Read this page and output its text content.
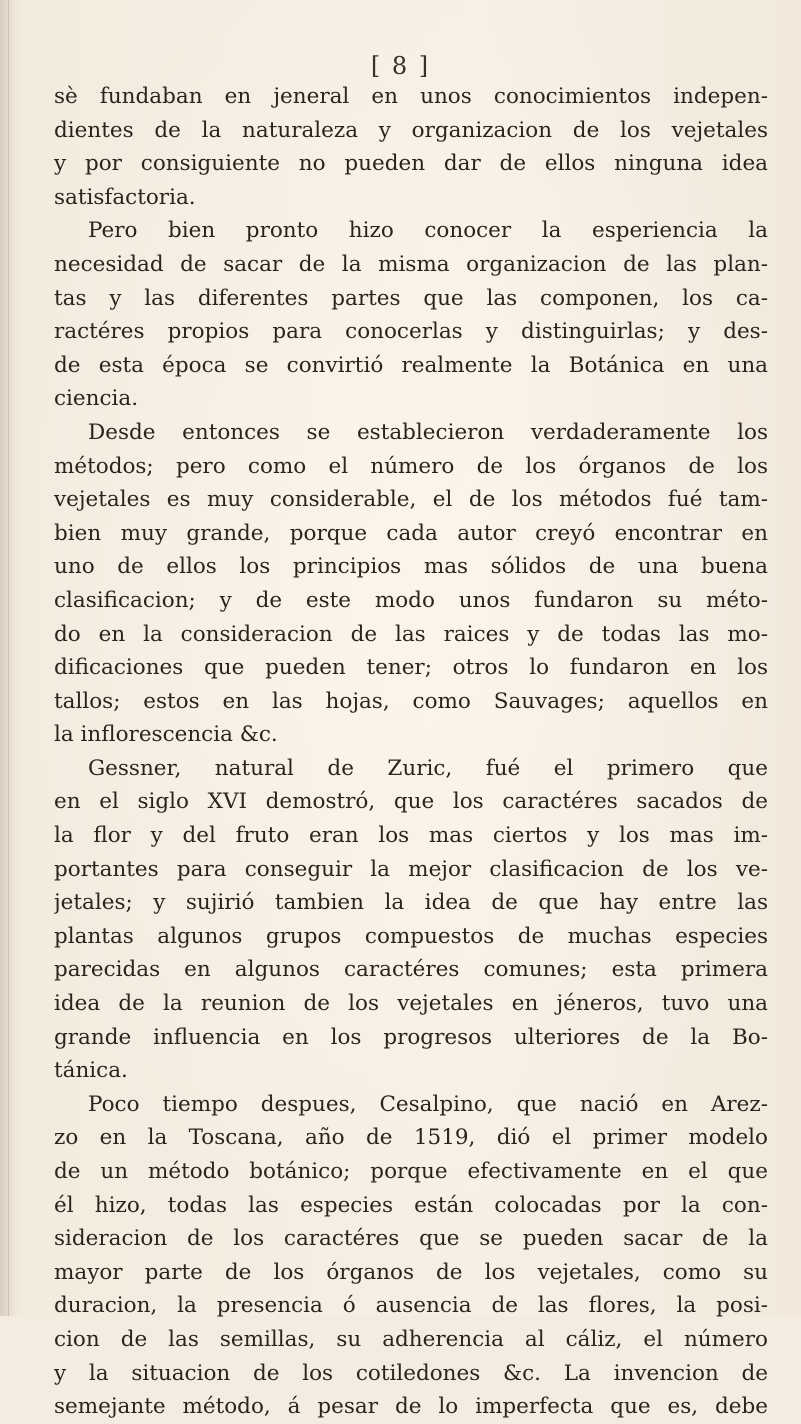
[ 8 ]
sè fundaban en jeneral en unos conocimientos indepen-
dientes de la naturaleza y organizacion de los vejetales
y por consiguiente no pueden dar de ellos ninguna idea
satisfactoria.
Pero bien pronto hizo conocer la esperiencia la
necesidad de sacar de la misma organizacion de las plan-
tas y las diferentes partes que las componen, los ca-
ractéres propios para conocerlas y distinguirlas; y des-
de esta época se convirtió realmente la Botánica en una
ciencia.
Desde entonces se establecieron verdaderamente los
métodos; pero como el número de los órganos de los
vejetales es muy considerable, el de los métodos fué tam-
bien muy grande, porque cada autor creyó encontrar en
uno de ellos los principios mas sólidos de una buena
clasificacion; y de este modo unos fundaron su méto-
do en la consideracion de las raices y de todas las mo-
dificaciones que pueden tener; otros lo fundaron en los
tallos; estos en las hojas, como Sauvages; aquellos en
la inflorescencia &c.
Gessner, natural de Zuric, fué el primero que
en el siglo XVI demostró, que los caractéres sacados de
la flor y del fruto eran los mas ciertos y los mas im-
portantes para conseguir la mejor clasificacion de los ve-
jetales; y sujirió tambien la idea de que hay entre las
plantas algunos grupos compuestos de muchas especies
parecidas en algunos caractéres comunes; esta primera
idea de la reunion de los vejetales en jéneros, tuvo una
grande influencia en los progresos ulteriores de la Bo-
tánica.
Poco tiempo despues, Cesalpino, que nació en Arez-
zo en la Toscana, año de 1519, dió el primer modelo
de un método botánico; porque efectivamente en el que
él hizo, todas las especies están colocadas por la con-
sideracion de los caractéres que se pueden sacar de la
mayor parte de los órganos de los vejetales, como su
duracion, la presencia ó ausencia de las flores, la posi-
cion de las semillas, su adherencia al cáliz, el número
y la situacion de los cotiledones &c. La invencion de
semejante método, á pesar de lo imperfecta que es, debe
